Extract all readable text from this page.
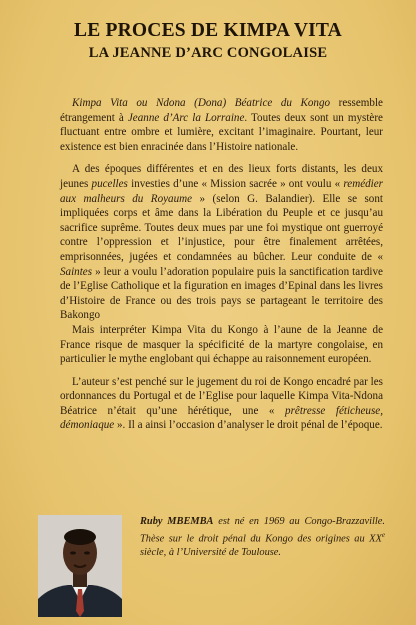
LE PROCES DE KIMPA VITA
LA JEANNE D’ARC CONGOLAISE

Kimpa Vita ou Ndona (Dona) Béatrice du Kongo ressemble étrangement à Jeanne d’Arc la Lorraine. Toutes deux sont un mystère fluctuant entre ombre et lumière, excitant l’imaginaire. Pourtant, leur existence est bien enracinée dans l’Histoire nationale.

A des époques différentes et en des lieux forts distants, les deux jeunes pucelles investies d’une « Mission sacrée » ont voulu « remédier aux malheurs du Royaume » (selon G. Balandier). Elle se sont impliquées corps et âme dans la Libération du Peuple et ce jusqu’au sacrifice suprême. Toutes deux mues par une foi mystique ont guerroyé contre l’oppression et l’injustice, pour être finalement arrêtées, emprisonnées, jugées et condamnées au bûcher. Leur conduite de « Saintes » leur a voulu l’adoration populaire puis la sanctification tardive de l’Eglise Catholique et la figuration en images d’Epinal dans les livres d’Histoire de France ou des trois pays se partageant le territoire des Bakongo

Mais interpréter Kimpa Vita du Kongo à l’aune de la Jeanne de France risque de masquer la spécificité de la martyre congolaise, en particulier le mythe englobant qui échappe au raisonnement européen.

L’auteur s’est penché sur le jugement du roi de Kongo encadré par les ordonnances du Portugal et de l’Eglise pour laquelle Kimpa Vita-Ndona Béatrice n’était qu’une hérétique, une « prêtresse féticheuse, démoniaque ». Il a ainsi l’occasion d’analyser le droit pénal de l’époque.

Ruby MBEMBA est né en 1969 au Congo-Brazzaville. Thèse sur le droit pénal du Kongo des origines au XXe siècle, à l’Université de Toulouse.
